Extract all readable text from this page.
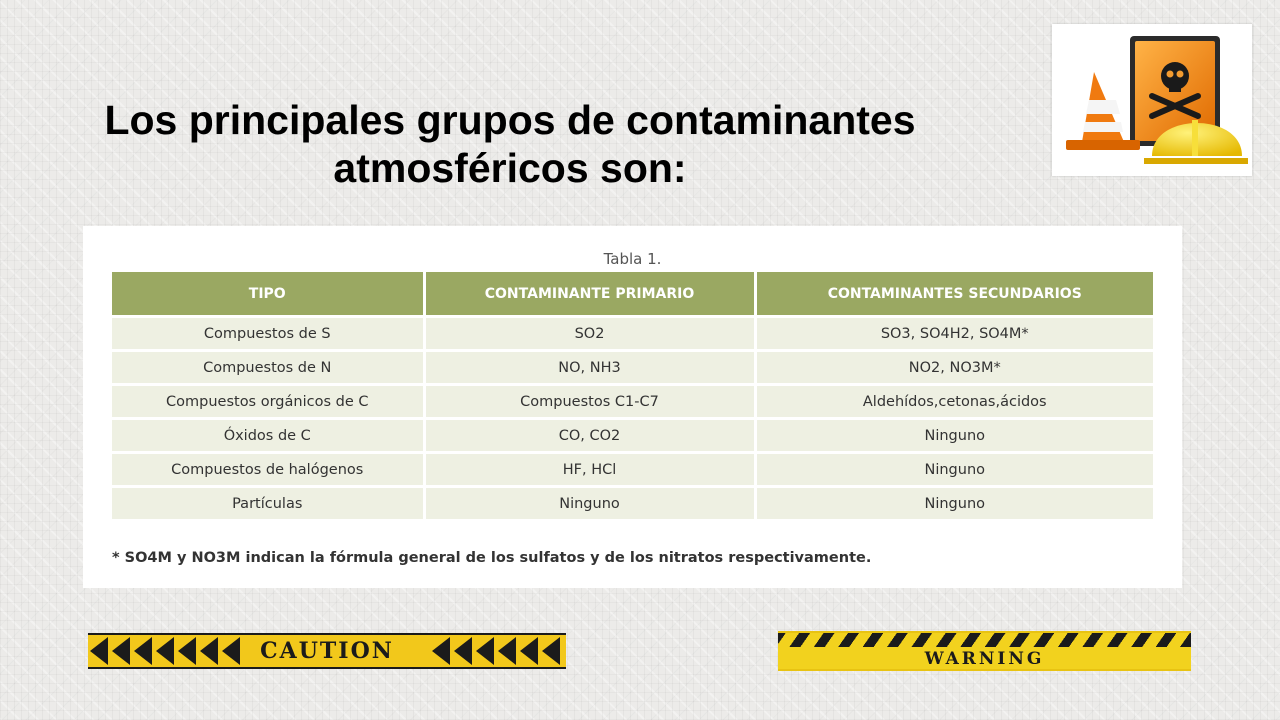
Los principales grupos de contaminantes
atmosféricos son:
Tabla 1.
TIPO	CONTAMINANTE PRIMARIO	CONTAMINANTES SECUNDARIOS
Compuestos de S	SO2	SO3, SO4H2, SO4M*
Compuestos de N	NO, NH3	NO2, NO3M*
Compuestos orgánicos de C	Compuestos C1-C7	Aldehídos,cetonas,ácidos
Óxidos de C	CO, CO2	Ninguno
Compuestos de halógenos	HF, HCl	Ninguno
Partículas	Ninguno	Ninguno
* SO4M y NO3M indican la fórmula general de los sulfatos y de los nitratos respectivamente.
CAUTION	WARNING
